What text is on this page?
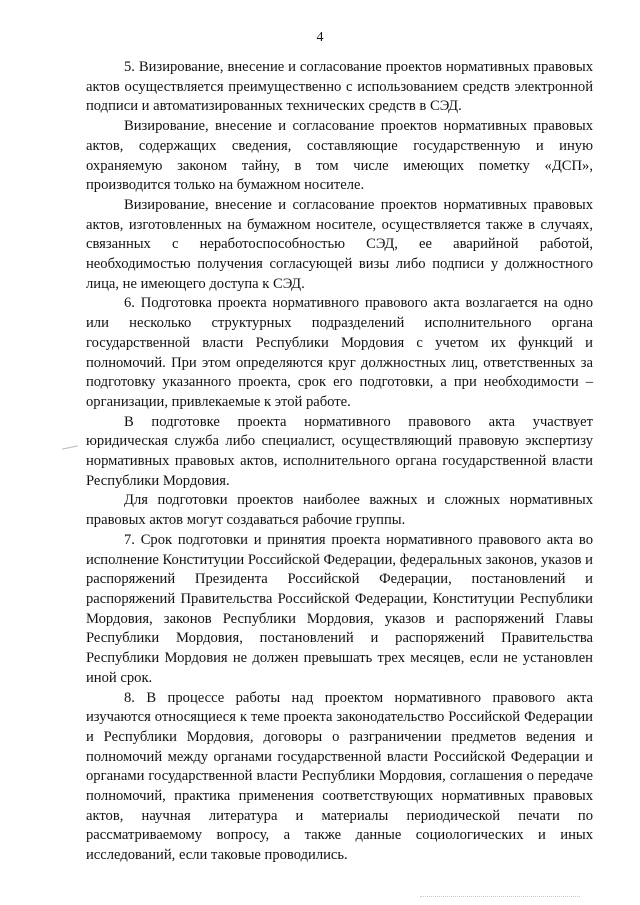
4

5. Визирование, внесение и согласование проектов нормативных правовых актов осуществляется преимущественно с использованием средств электронной подписи и автоматизированных технических средств в СЭД.

Визирование, внесение и согласование проектов нормативных правовых актов, содержащих сведения, составляющие государственную и иную охраняемую законом тайну, в том числе имеющих пометку «ДСП», производится только на бумажном носителе.

Визирование, внесение и согласование проектов нормативных правовых актов, изготовленных на бумажном носителе, осуществляется также в случаях, связанных с неработоспособностью СЭД, ее аварийной работой, необходимостью получения согласующей визы либо подписи у должностного лица, не имеющего доступа к СЭД.

6. Подготовка проекта нормативного правового акта возлагается на одно или несколько структурных подразделений исполнительного органа государственной власти Республики Мордовия с учетом их функций и полномочий. При этом определяются круг должностных лиц, ответственных за подготовку указанного проекта, срок его подготовки, а при необходимости – организации, привлекаемые к этой работе.

В подготовке проекта нормативного правового акта участвует юридическая служба либо специалист, осуществляющий правовую экспертизу нормативных правовых актов, исполнительного органа государственной власти Республики Мордовия.

Для подготовки проектов наиболее важных и сложных нормативных правовых актов могут создаваться рабочие группы.

7. Срок подготовки и принятия проекта нормативного правового акта во исполнение Конституции Российской Федерации, федеральных законов, указов и распоряжений Президента Российской Федерации, постановлений и распоряжений Правительства Российской Федерации, Конституции Республики Мордовия, законов Республики Мордовия, указов и распоряжений Главы Республики Мордовия, постановлений и распоряжений Правительства Республики Мордовия не должен превышать трех месяцев, если не установлен иной срок.

8. В процессе работы над проектом нормативного правового акта изучаются относящиеся к теме проекта законодательство Российской Федерации и Республики Мордовия, договоры о разграничении предметов ведения и полномочий между органами государственной власти Российской Федерации и органами государственной власти Республики Мордовия, соглашения о передаче полномочий, практика применения соответствующих нормативных правовых актов, научная литература и материалы периодической печати по рассматриваемому вопросу, а также данные социологических и иных исследований, если таковые проводились.
